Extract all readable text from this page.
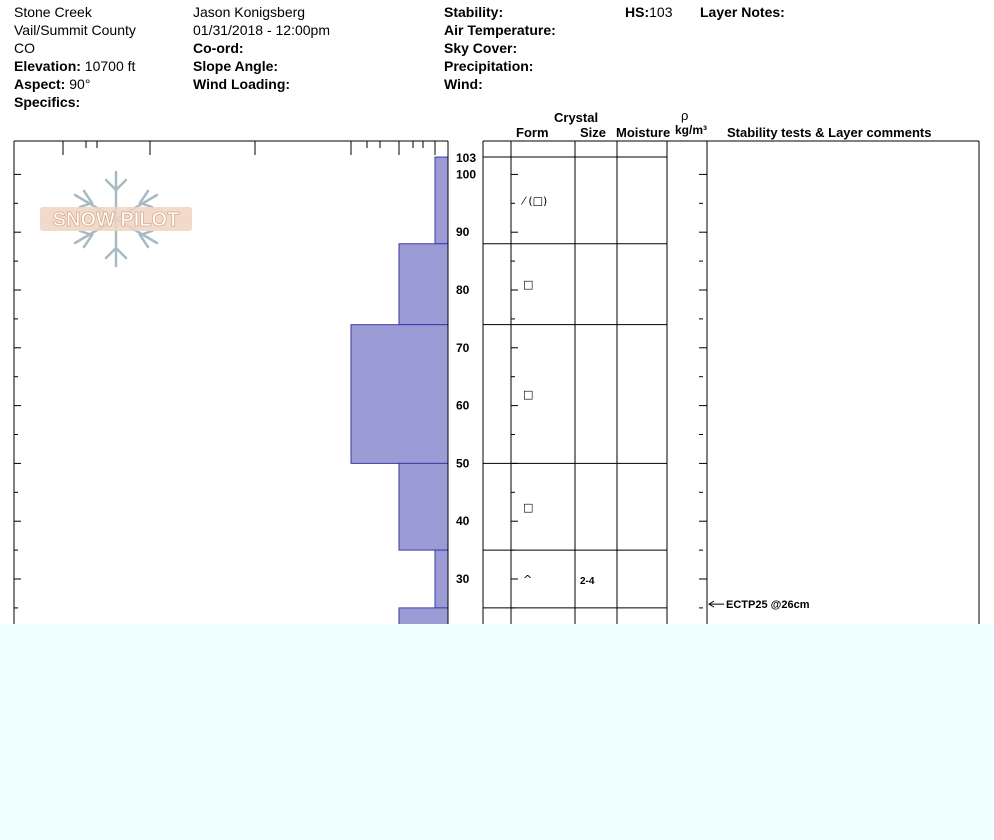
Stone Creek
Vail/Summit County
CO
Elevation: 10700 ft
Aspect: 90°
Specifics:
Jason Konigsberg
01/31/2018 - 12:00pm
Co-ord:
Slope Angle:
Wind Loading:
Stability:
Air Temperature:
Sky Cover:
Precipitation:
Wind:
HS:103 Layer Notes:
Crystal
Form Size Moisture
ρ
kg/m³ Stability tests & Layer comments
SNOW PILOT
103
100
90
80
70
60
50
40
30
⁄ (□)
□
□
□
^	2-4
ECTP25 @26cm
